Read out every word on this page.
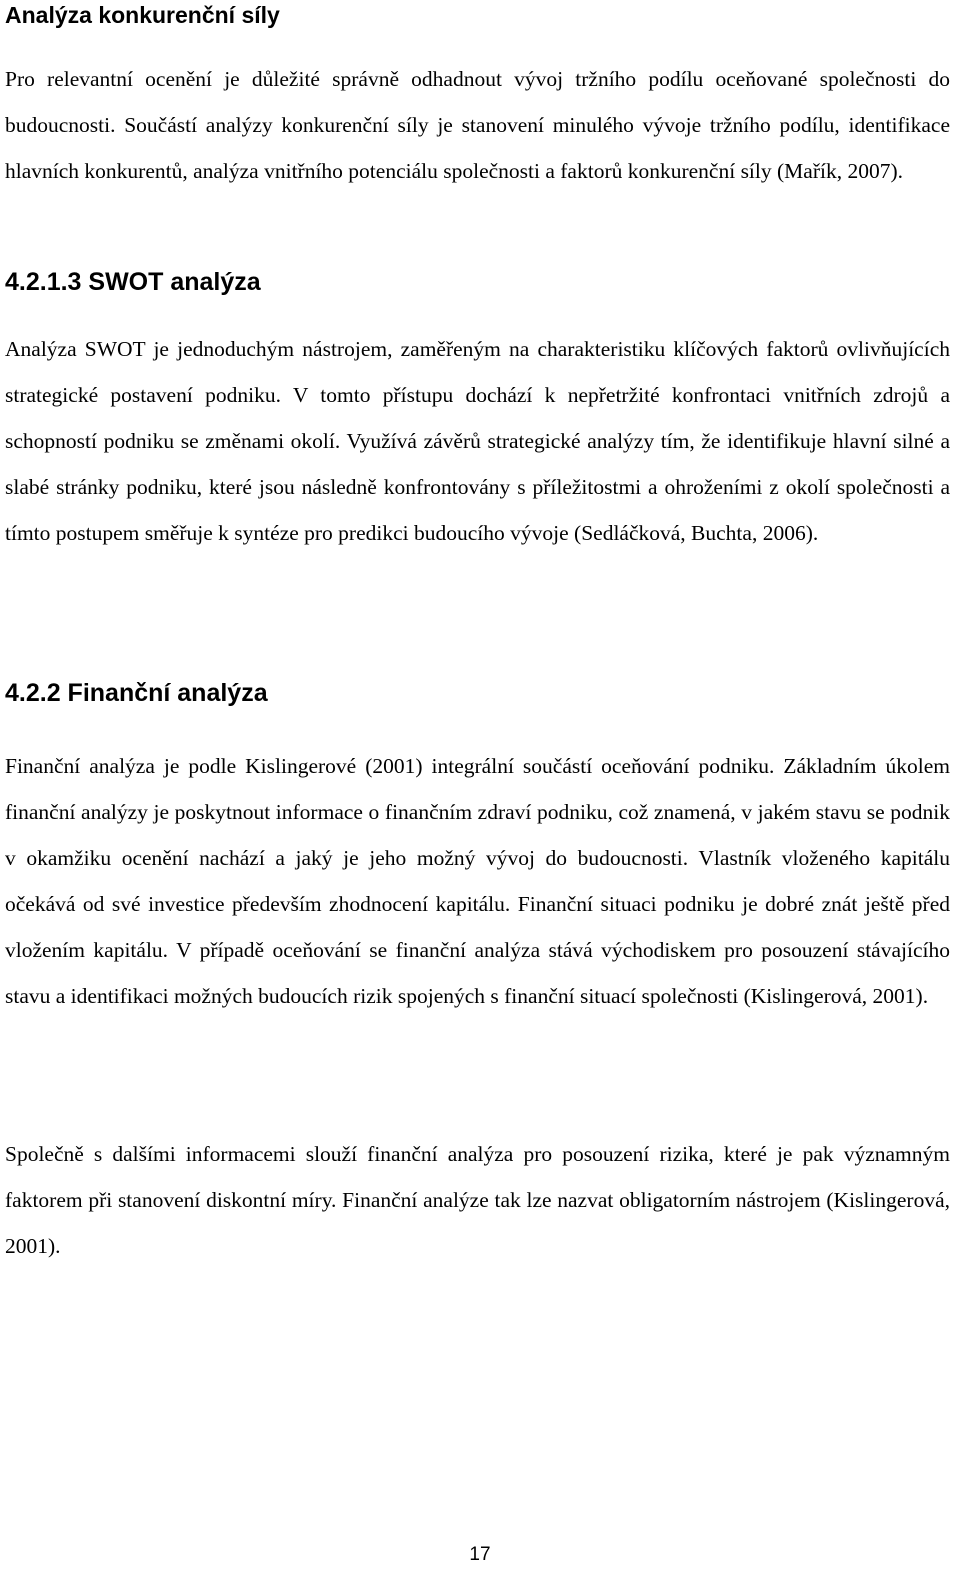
Analýza konkurenční síly

Pro relevantní ocenění je důležité správně odhadnout vývoj tržního podílu oceňované společnosti do budoucnosti. Součástí analýzy konkurenční síly je stanovení minulého vývoje tržního podílu, identifikace hlavních konkurentů, analýza vnitřního potenciálu společnosti a faktorů konkurenční síly (Mařík, 2007).

4.2.1.3 SWOT analýza

Analýza SWOT je jednoduchým nástrojem, zaměřeným na charakteristiku klíčových faktorů ovlivňujících strategické postavení podniku. V tomto přístupu dochází k nepřetržité konfrontaci vnitřních zdrojů a schopností podniku se změnami okolí. Využívá závěrů strategické analýzy tím, že identifikuje hlavní silné a slabé stránky podniku, které jsou následně konfrontovány s příležitostmi a ohroženími z okolí společnosti a tímto postupem směřuje k syntéze pro predikci budoucího vývoje (Sedláčková, Buchta, 2006).

4.2.2 Finanční analýza

Finanční analýza je podle Kislingerové (2001) integrální součástí oceňování podniku. Základním úkolem finanční analýzy je poskytnout informace o finančním zdraví podniku, což znamená, v jakém stavu se podnik v okamžiku ocenění nachází a jaký je jeho možný vývoj do budoucnosti. Vlastník vloženého kapitálu očekává od své investice především zhodnocení kapitálu. Finanční situaci podniku je dobré znát ještě před vložením kapitálu. V případě oceňování se finanční analýza stává východiskem pro posouzení stávajícího stavu a identifikaci možných budoucích rizik spojených s finanční situací společnosti (Kislingerová, 2001).

Společně s dalšími informacemi slouží finanční analýza pro posouzení rizika, které je pak významným faktorem při stanovení diskontní míry. Finanční analýze tak lze nazvat obligatorním nástrojem (Kislingerová, 2001).

17
